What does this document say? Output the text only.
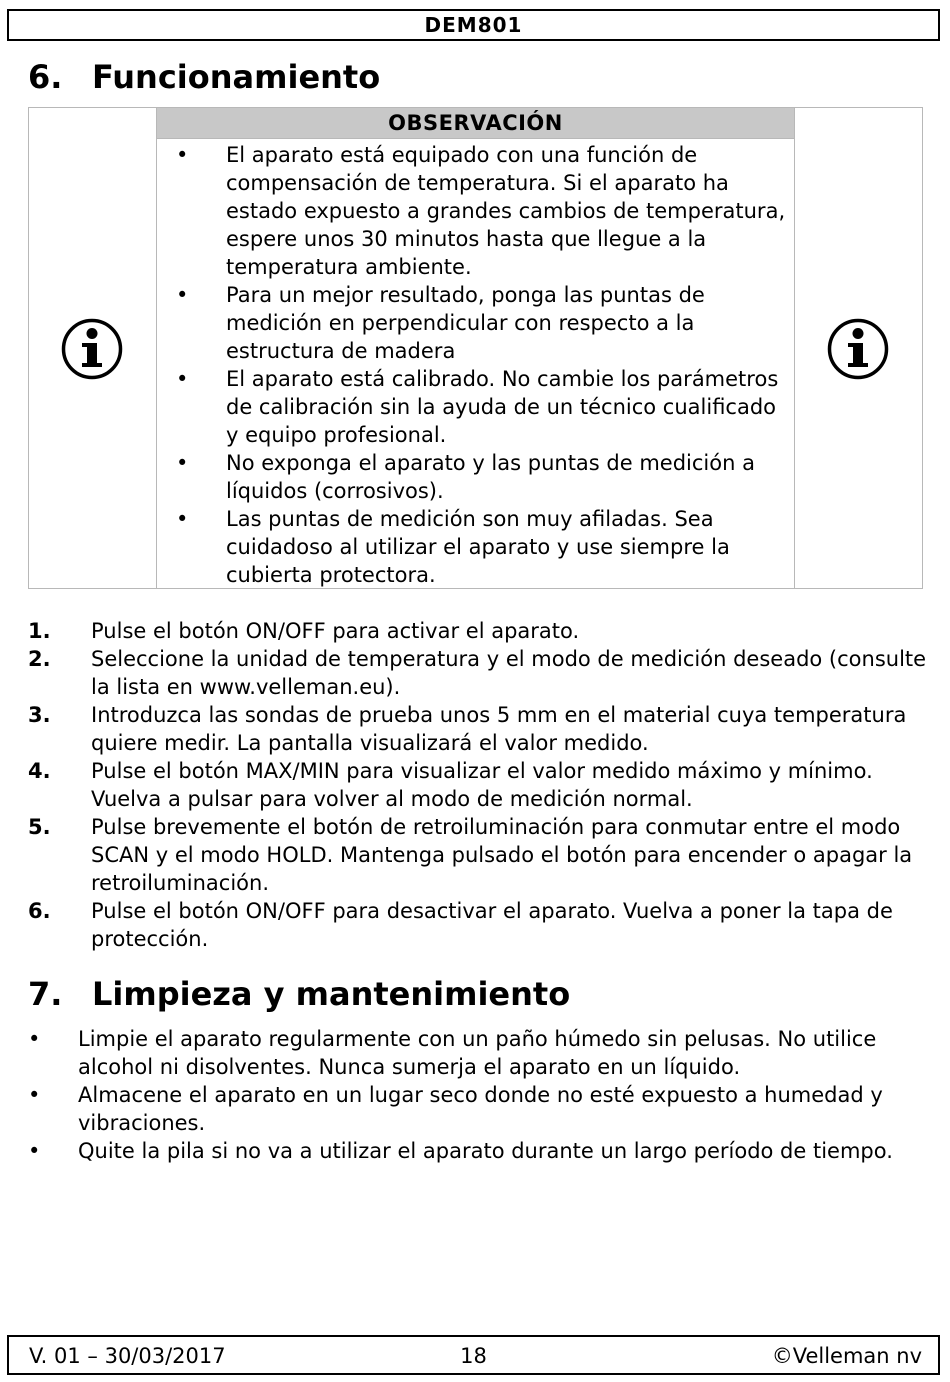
DEM801
6. Funcionamiento
OBSERVACIÓN
• El aparato está equipado con una función de compensación de temperatura. Si el aparato ha estado expuesto a grandes cambios de temperatura, espere unos 30 minutos hasta que llegue a la temperatura ambiente.
• Para un mejor resultado, ponga las puntas de medición en perpendicular con respecto a la estructura de madera
• El aparato está calibrado. No cambie los parámetros de calibración sin la ayuda de un técnico cualificado y equipo profesional.
• No exponga el aparato y las puntas de medición a líquidos (corrosivos).
• Las puntas de medición son muy afiladas. Sea cuidadoso al utilizar el aparato y use siempre la cubierta protectora.
1. Pulse el botón ON/OFF para activar el aparato.
2. Seleccione la unidad de temperatura y el modo de medición deseado (consulte la lista en www.velleman.eu).
3. Introduzca las sondas de prueba unos 5 mm en el material cuya temperatura quiere medir. La pantalla visualizará el valor medido.
4. Pulse el botón MAX/MIN para visualizar el valor medido máximo y mínimo. Vuelva a pulsar para volver al modo de medición normal.
5. Pulse brevemente el botón de retroiluminación para conmutar entre el modo SCAN y el modo HOLD. Mantenga pulsado el botón para encender o apagar la retroiluminación.
6. Pulse el botón ON/OFF para desactivar el aparato. Vuelva a poner la tapa de protección.
7. Limpieza y mantenimiento
• Limpie el aparato regularmente con un paño húmedo sin pelusas. No utilice alcohol ni disolventes. Nunca sumerja el aparato en un líquido.
• Almacene el aparato en un lugar seco donde no esté expuesto a humedad y vibraciones.
• Quite la pila si no va a utilizar el aparato durante un largo período de tiempo.
V. 01 – 30/03/2017	18	©Velleman nv
